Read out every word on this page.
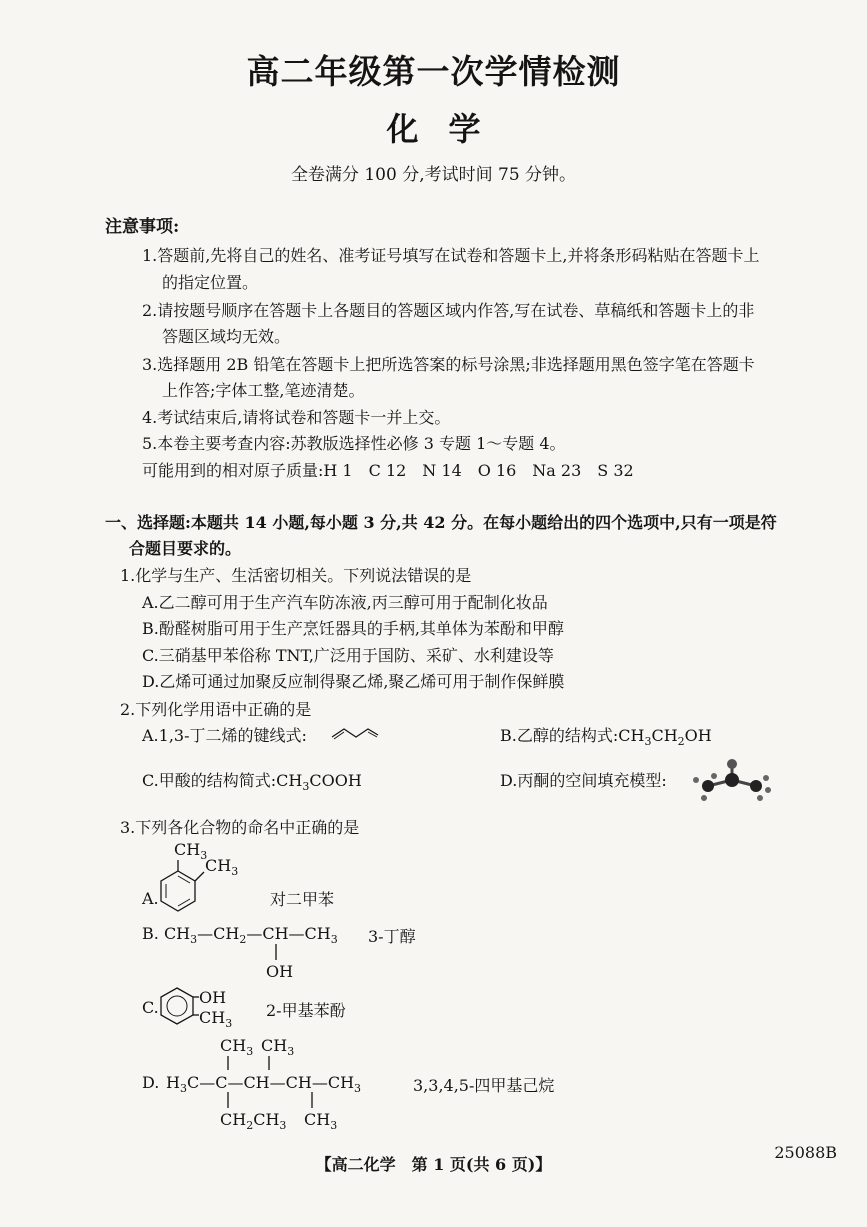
高二年级第一次学情检测
化学
全卷满分 100 分,考试时间 75 分钟。
注意事项:
1.答题前,先将自己的姓名、准考证号填写在试卷和答题卡上,并将条形码粘贴在答题卡上
的指定位置。
2.请按题号顺序在答题卡上各题目的答题区域内作答,写在试卷、草稿纸和答题卡上的非
答题区域均无效。
3.选择题用 2B 铅笔在答题卡上把所选答案的标号涂黑;非选择题用黑色签字笔在答题卡
上作答;字体工整,笔迹清楚。
4.考试结束后,请将试卷和答题卡一并上交。
5.本卷主要考查内容:苏教版选择性必修 3 专题 1～专题 4。
可能用到的相对原子质量:H 1　C 12　N 14　O 16　Na 23　S 32
一、选择题:本题共 14 小题,每小题 3 分,共 42 分。在每小题给出的四个选项中,只有一项是符
合题目要求的。
1.化学与生产、生活密切相关。下列说法错误的是
A.乙二醇可用于生产汽车防冻液,丙三醇可用于配制化妆品
B.酚醛树脂可用于生产烹饪器具的手柄,其单体为苯酚和甲醇
C.三硝基甲苯俗称 TNT,广泛用于国防、采矿、水利建设等
D.乙烯可通过加聚反应制得聚乙烯,聚乙烯可用于制作保鲜膜
2.下列化学用语中正确的是
A.1,3-丁二烯的键线式:	B.乙醇的结构式$:CH_3CH_2OH$
C.甲酸的结构简式$:CH_3COOH$	D.丙酮的空间填充模型:
3.下列各化合物的命名中正确的是
A.
$CH_3$
$CH_3$
对二甲苯
B. $CH_3—CH_2—CH—CH_3$
OH
3-丁醇
C.
OH
$CH_3$
2-甲基苯酚
$CH_3$ $CH_3$
D. $H_3C—C—CH—CH—CH_3$
$CH_2CH_3$ $CH_3$
3,3,4,5-四甲基己烷
【高二化学　第 1 页(共 6 页)】
25088B
